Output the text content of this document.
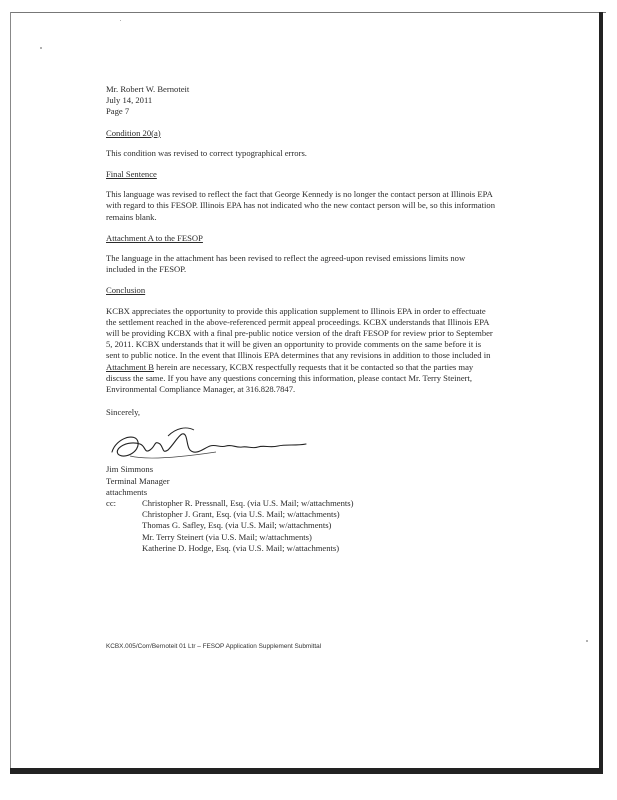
Mr. Robert W. Bernoteit
July 14, 2011
Page 7
Condition 20(a)

This condition was revised to correct typographical errors.

Final Sentence

This language was revised to reflect the fact that George Kennedy is no longer the contact person at Illinois EPA with regard to this FESOP. Illinois EPA has not indicated who the new contact person will be, so this information remains blank.

Attachment A to the FESOP

The language in the attachment has been revised to reflect the agreed-upon revised emissions limits now included in the FESOP.

Conclusion

KCBX appreciates the opportunity to provide this application supplement to Illinois EPA in order to effectuate the settlement reached in the above-referenced permit appeal proceedings. KCBX understands that Illinois EPA will be providing KCBX with a final pre-public notice version of the draft FESOP for review prior to September 5, 2011. KCBX understands that it will be given an opportunity to provide comments on the same before it is sent to public notice. In the event that Illinois EPA determines that any revisions in addition to those included in Attachment B herein are necessary, KCBX respectfully requests that it be contacted so that the parties may discuss the same. If you have any questions concerning this information, please contact Mr. Terry Steinert, Environmental Compliance Manager, at 316.828.7847.

Sincerely,
Jim Simmons
Terminal Manager
attachments
cc:	Christopher R. Pressnall, Esq. (via U.S. Mail; w/attachments)
Christopher J. Grant, Esq. (via U.S. Mail; w/attachments)
Thomas G. Safley, Esq. (via U.S. Mail; w/attachments)
Mr. Terry Steinert (via U.S. Mail; w/attachments)
Katherine D. Hodge, Esq. (via U.S. Mail; w/attachments)
KCBX.005/Corr/Bernoteit 01 Ltr – FESOP Application Supplement Submittal
